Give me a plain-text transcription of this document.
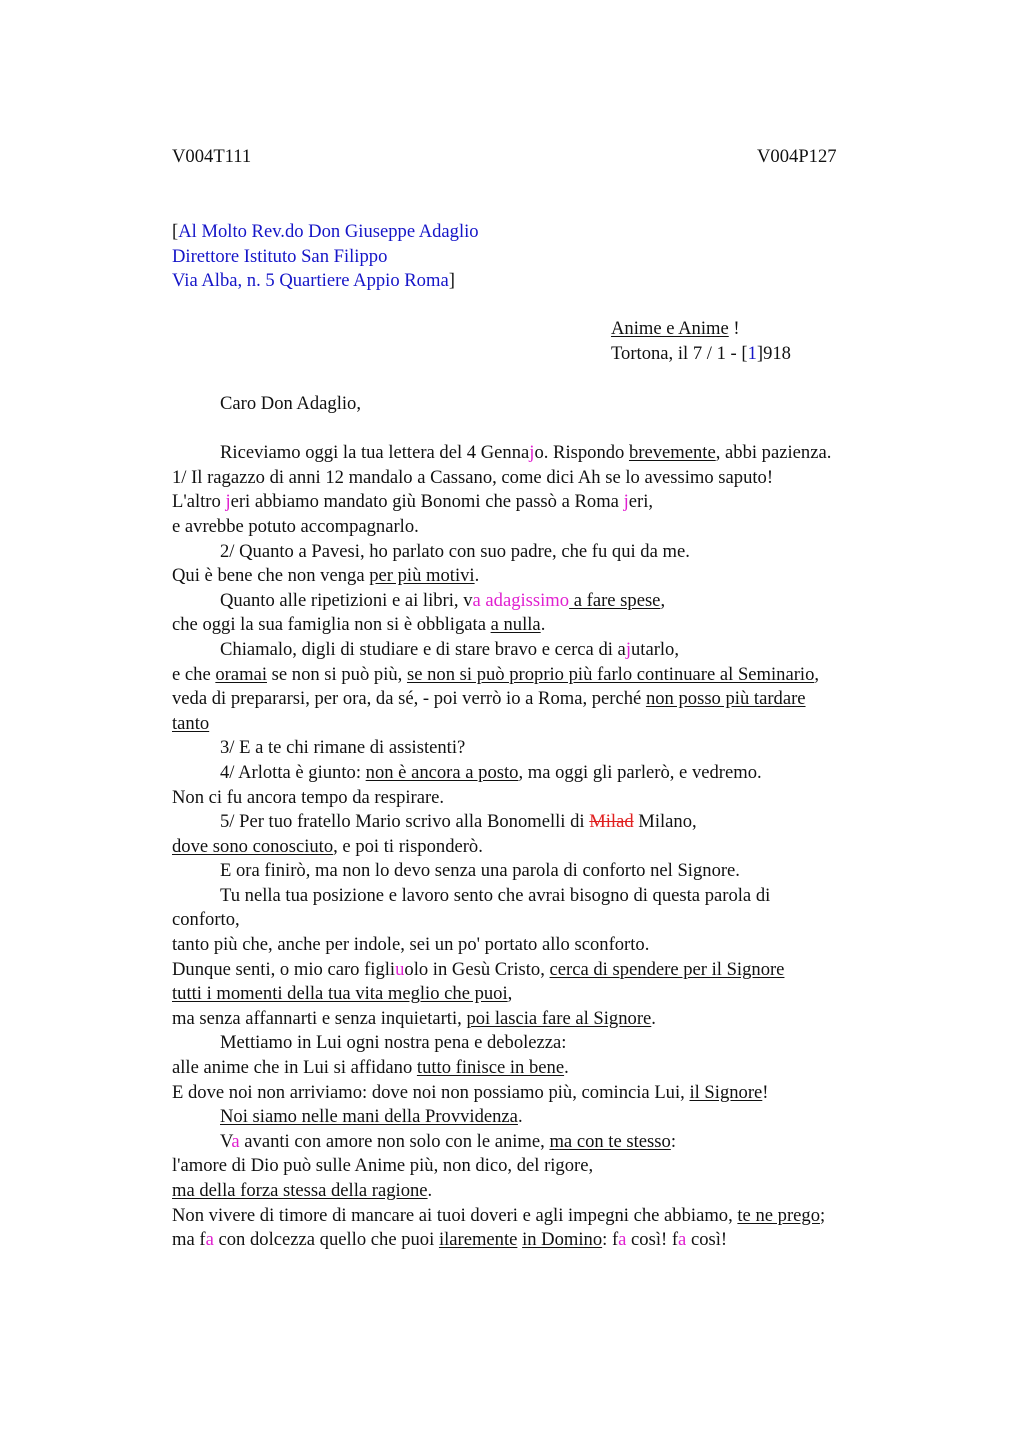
V004T111	V004P127
[Al Molto Rev.do Don Giuseppe Adaglio
Direttore Istituto San Filippo
Via Alba, n. 5 Quartiere Appio Roma]
Anime e Anime !
Tortona, il 7 / 1 - [1]918
Caro Don Adaglio,
Riceviamo oggi la tua lettera del 4 Gennajo. Rispondo brevemente, abbi pazienza.
1/ Il ragazzo di anni 12 mandalo a Cassano, come dici Ah se lo avessimo saputo!
L'altro jeri abbiamo mandato giù Bonomi che passò a Roma jeri,
e avrebbe potuto accompagnarlo.
2/ Quanto a Pavesi, ho parlato con suo padre, che fu qui da me.
Qui è bene che non venga per più motivi.
Quanto alle ripetizioni e ai libri, va adagissimo a fare spese,
che oggi la sua famiglia non si è obbligata a nulla.
Chiamalo, digli di studiare e di stare bravo e cerca di ajutarlo,
e che oramai se non si può più, se non si può proprio più farlo continuare al Seminario,
veda di prepararsi, per ora, da sé, - poi verrò io a Roma, perché non posso più tardare
tanto
3/ E a te chi rimane di assistenti?
4/ Arlotta è giunto: non è ancora a posto, ma oggi gli parlerò, e vedremo.
Non ci fu ancora tempo da respirare.
5/ Per tuo fratello Mario scrivo alla Bonomelli di Milad Milano,
dove sono conosciuto, e poi ti risponderò.
E ora finirò, ma non lo devo senza una parola di conforto nel Signore.
Tu nella tua posizione e lavoro sento che avrai bisogno di questa parola di
conforto,
tanto più che, anche per indole, sei un po' portato allo sconforto.
Dunque senti, o mio caro figliuolo in Gesù Cristo, cerca di spendere per il Signore
tutti i momenti della tua vita meglio che puoi,
ma senza affannarti e senza inquietarti, poi lascia fare al Signore.
Mettiamo in Lui ogni nostra pena e debolezza:
alle anime che in Lui si affidano tutto finisce in bene.
E dove noi non arriviamo: dove noi non possiamo più, comincia Lui, il Signore!
Noi siamo nelle mani della Provvidenza.
Va avanti con amore non solo con le anime, ma con te stesso:
l'amore di Dio può sulle Anime più, non dico, del rigore,
ma della forza stessa della ragione.
Non vivere di timore di mancare ai tuoi doveri e agli impegni che abbiamo, te ne prego;
ma fa con dolcezza quello che puoi ilaremente in Domino: fa così! fa così!
